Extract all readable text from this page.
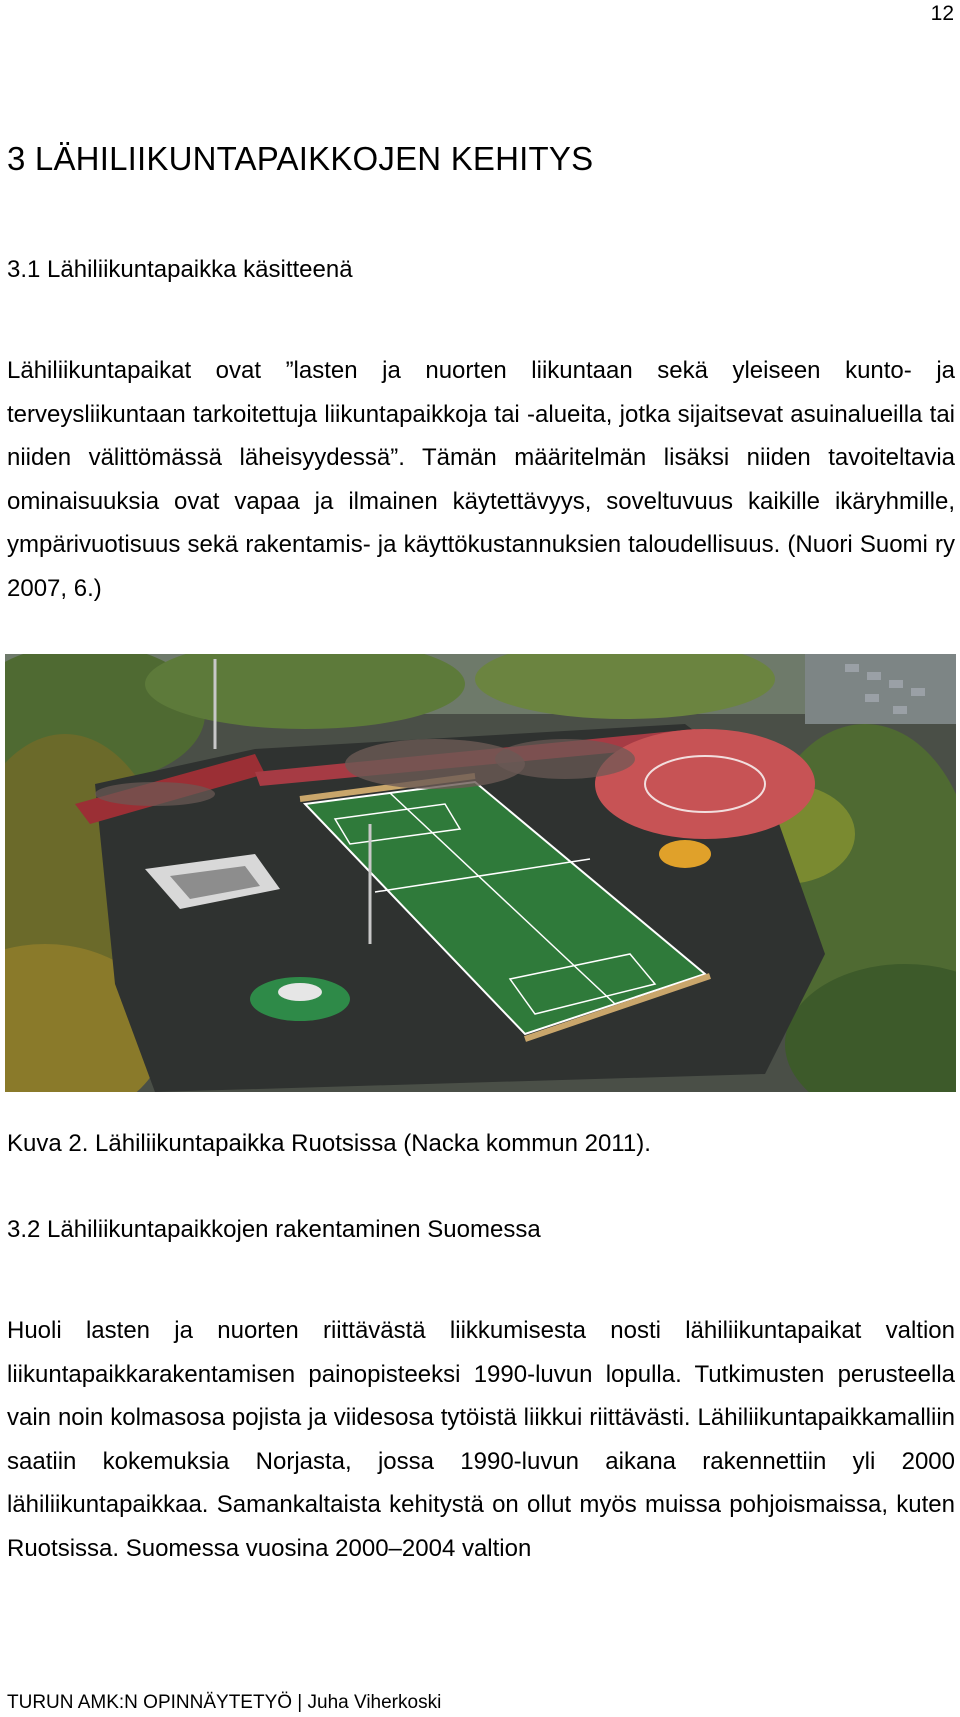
12
3 LÄHILIIKUNTAPAIKKOJEN KEHITYS
3.1 Lähiliikuntapaikka käsitteenä

Lähiliikuntapaikat ovat ”lasten ja nuorten liikuntaan sekä yleiseen kunto- ja terveysliikuntaan tarkoitettuja liikuntapaikkoja tai -alueita, jotka sijaitsevat asuinalueilla tai niiden välittömässä läheisyydessä”. Tämän määritelmän lisäksi niiden tavoiteltavia ominaisuuksia ovat vapaa ja ilmainen käytettävyys, soveltuvuus kaikille ikäryhmille, ympärivuotisuus sekä rakentamis- ja käyttökustannuksien taloudellisuus. (Nuori Suomi ry 2007, 6.)

Kuva 2. Lähiliikuntapaikka Ruotsissa (Nacka kommun 2011).

3.2 Lähiliikuntapaikkojen rakentaminen Suomessa

Huoli lasten ja nuorten riittävästä liikkumisesta nosti lähiliikuntapaikat valtion liikuntapaikkarakentamisen painopisteeksi 1990-luvun lopulla. Tutkimusten perusteella vain noin kolmasosa pojista ja viidesosa tytöistä liikkui riittävästi. Lähiliikuntapaikkamalliin saatiin kokemuksia Norjasta, jossa 1990-luvun aikana rakennettiin yli 2000 lähiliikuntapaikkaa. Samankaltaista kehitystä on ollut myös muissa pohjoismaissa, kuten Ruotsissa. Suomessa vuosina 2000–2004 valtion

TURUN AMK:N OPINNÄYTETYÖ | Juha Viherkoski
